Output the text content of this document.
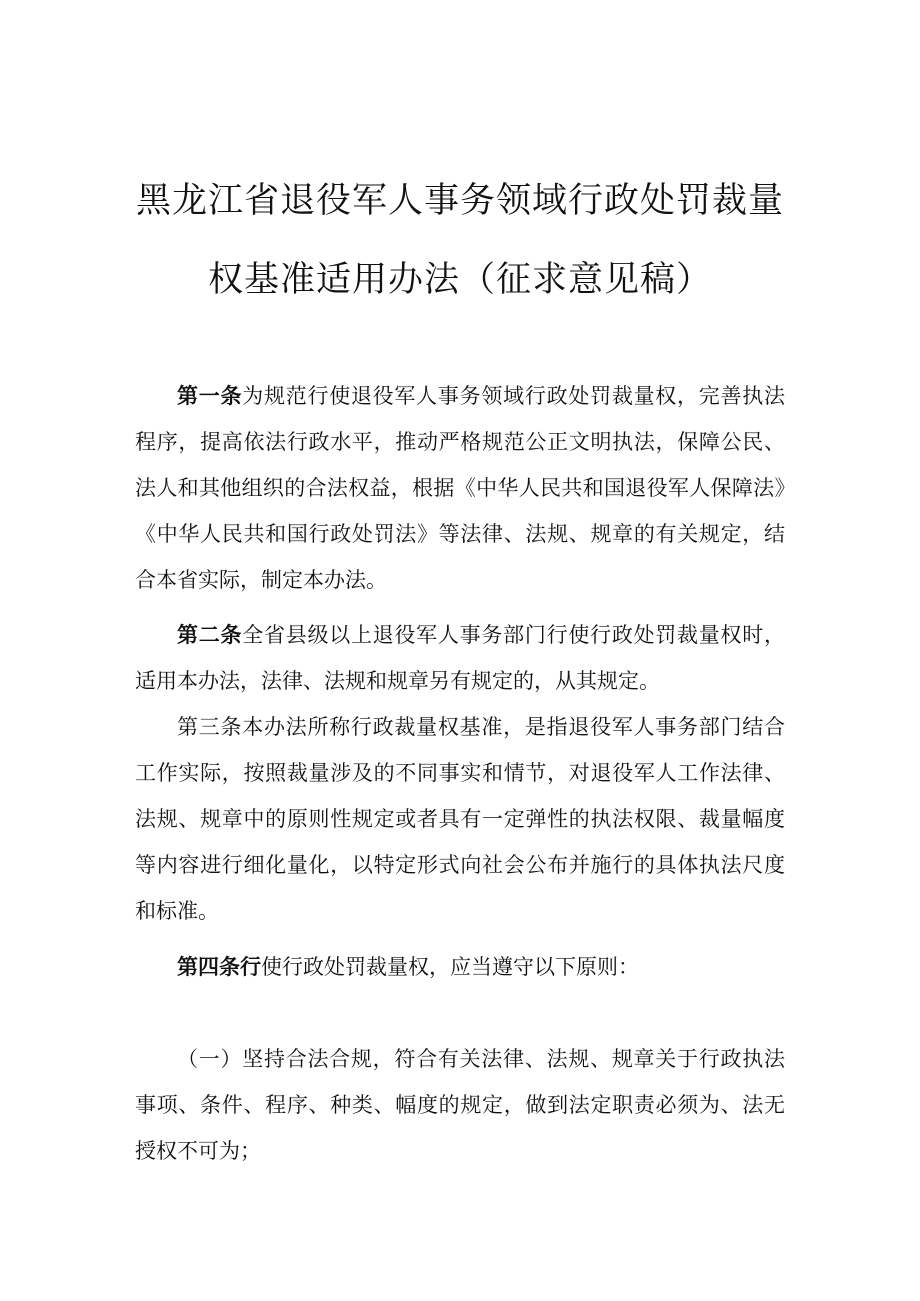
黑龙江省退役军人事务领域行政处罚裁量
权基准适用办法（征求意见稿）

第一条为规范行使退役军人事务领域行政处罚裁量权，完善执法程序，提高依法行政水平，推动严格规范公正文明执法，保障公民、法人和其他组织的合法权益，根据《中华人民共和国退役军人保障法》《中华人民共和国行政处罚法》等法律、法规、规章的有关规定，结合本省实际，制定本办法。

第二条全省县级以上退役军人事务部门行使行政处罚裁量权时，适用本办法，法律、法规和规章另有规定的，从其规定。

第三条本办法所称行政裁量权基准，是指退役军人事务部门结合工作实际，按照裁量涉及的不同事实和情节，对退役军人工作法律、法规、规章中的原则性规定或者具有一定弹性的执法权限、裁量幅度等内容进行细化量化，以特定形式向社会公布并施行的具体执法尺度和标准。

第四条行使行政处罚裁量权，应当遵守以下原则：

（一）坚持合法合规，符合有关法律、法规、规章关于行政执法事项、条件、程序、种类、幅度的规定，做到法定职责必须为、法无授权不可为；
